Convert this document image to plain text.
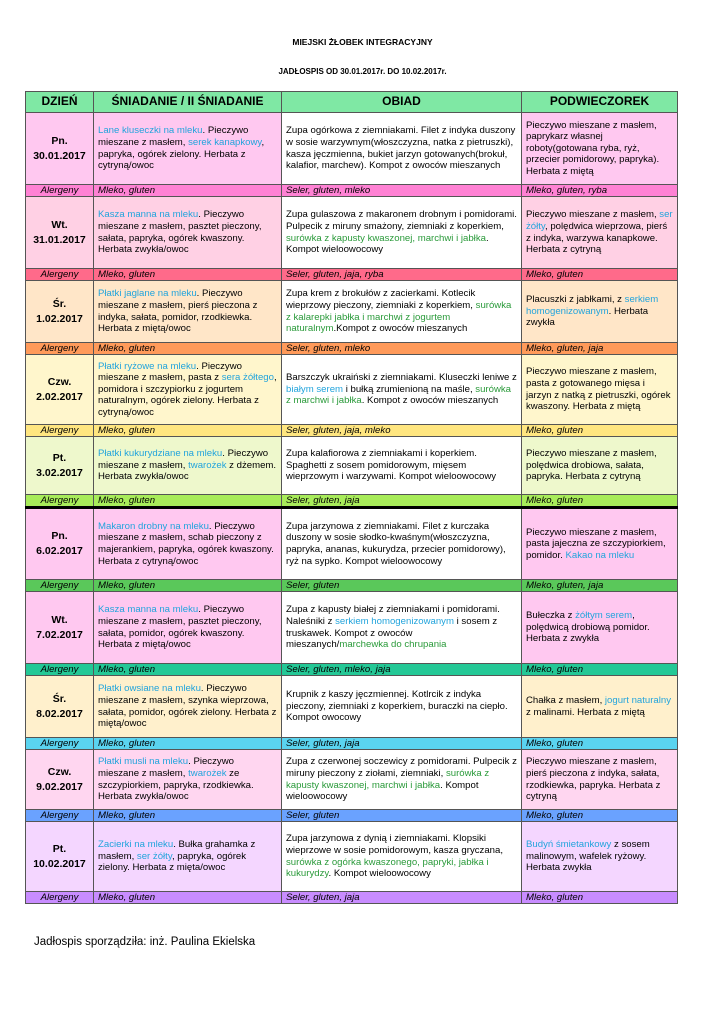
MIEJSKI ŻŁOBEK INTEGRACYJNY
JADŁOSPIS OD 30.01.2017r. DO 10.02.2017r.
DZIEŃ	ŚNIADANIE / II ŚNIADANIE	OBIAD	PODWIECZOREK

Pn.
30.01.2017	Lane kluseczki na mleku. Pieczywo mieszane z masłem, serek kanapkowy, papryka, ogórek zielony. Herbata z cytryną/owoc	Zupa ogórkowa z ziemniakami. Filet z indyka duszony w sosie warzywnym(włoszczyzna, natka z pietruszki), kasza jęczmienna, bukiet jarzyn gotowanych(brokuł, kalafior, marchew). Kompot z owoców mieszanych	Pieczywo mieszane z masłem, paprykarz własnej roboty(gotowana ryba, ryż, przecier pomidorowy, papryka). Herbata z miętą
Alergeny	Mleko, gluten	Seler, gluten, mleko	Mleko, gluten, ryba

Wt.
31.01.2017	Kasza manna na mleku. Pieczywo mieszane z masłem, pasztet pieczony, sałata, papryka, ogórek kwaszony. Herbata zwykła/owoc	Zupa gulaszowa z makaronem drobnym i pomidorami. Pulpecik z miruny smażony, ziemniaki z koperkiem, surówka z kapusty kwaszonej, marchwi i jabłka. Kompot wieloowocowy	Pieczywo mieszane z masłem, ser żółty, polędwica wieprzowa, pierś z indyka, warzywa kanapkowe. Herbata z cytryną
Alergeny	Mleko, gluten	Seler, gluten, jaja, ryba	Mleko, gluten

Śr.
1.02.2017	Płatki jaglane na mleku. Pieczywo mieszane z masłem, pierś pieczona z indyka, sałata, pomidor, rzodkiewka. Herbata z miętą/owoc	Zupa krem z brokułów z zacierkami. Kotlecik wieprzowy pieczony, ziemniaki z koperkiem, surówka z kalarepki jabłka i marchwi z jogurtem naturalnym.Kompot z owoców mieszanych	Placuszki z jabłkami, z serkiem homogenizowanym. Herbata zwykła
Alergeny	Mleko, gluten	Seler, gluten, mleko	Mleko, gluten, jaja

Czw.
2.02.2017	Płatki ryżowe na mleku. Pieczywo mieszane z masłem, pasta z sera żółtego, pomidora i szczypiorku z jogurtem naturalnym, ogórek zielony. Herbata z cytryną/owoc	Barszczyk ukraiński z ziemniakami. Kluseczki leniwe z białym serem i bułką zrumienioną na maśle, surówka z marchwi i jabłka. Kompot z owoców mieszanych	Pieczywo mieszane z masłem, pasta z gotowanego mięsa i jarzyn z natką z pietruszki, ogórek kwaszony. Herbata z miętą
Alergeny	Mleko, gluten	Seler, gluten, jaja, mleko	Mleko, gluten

Pt.
3.02.2017	Płatki kukurydziane na mleku. Pieczywo mieszane z masłem, twarożek z dżemem. Herbata zwykła/owoc	Zupa kalafiorowa z ziemniakami i koperkiem. Spaghetti z sosem pomidorowym, mięsem wieprzowym i warzywami. Kompot wieloowocowy	Pieczywo mieszane z masłem, polędwica drobiowa, sałata, papryka. Herbata z cytryną
Alergeny	Mleko, gluten	Seler, gluten, jaja	Mleko, gluten

Pn.
6.02.2017	Makaron drobny na mleku. Pieczywo mieszane z masłem, schab pieczony z majerankiem, papryka, ogórek kwaszony. Herbata z cytryną/owoc	Zupa jarzynowa z ziemniakami. Filet z kurczaka duszony w sosie słodko-kwaśnym(włoszczyzna, papryka, ananas, kukurydza, przecier pomidorowy), ryż na sypko. Kompot wieloowocowy	Pieczywo mieszane z masłem, pasta jajeczna ze szczypiorkiem, pomidor. Kakao na mleku
Alergeny	Mleko, gluten	Seler, gluten	Mleko, gluten, jaja

Wt.
7.02.2017	Kasza manna na mleku. Pieczywo mieszane z masłem, pasztet pieczony, sałata, pomidor, ogórek kwaszony. Herbata z miętą/owoc	Zupa z kapusty białej z ziemniakami i pomidorami. Naleśniki z serkiem homogenizowanym i sosem z truskawek. Kompot z owoców mieszanych/marchewka do chrupania	Bułeczka z żółtym serem, polędwicą drobiową pomidor. Herbata z zwykła
Alergeny	Mleko, gluten	Seler, gluten, mleko, jaja	Mleko, gluten

Śr.
8.02.2017	Płatki owsiane na mleku. Pieczywo mieszane z masłem, szynka wieprzowa, sałata, pomidor, ogórek zielony. Herbata z miętą/owoc	Krupnik z kaszy jęczmiennej. Kotlrcik z indyka pieczony, ziemniaki z koperkiem, buraczki na ciepło. Kompot owocowy	Chałka z masłem, jogurt naturalny z malinami. Herbata z miętą
Alergeny	Mleko, gluten	Seler, gluten, jaja	Mleko, gluten

Czw.
9.02.2017	Płatki musli na mleku. Pieczywo mieszane z masłem, twarożek ze szczypiorkiem, papryka, rzodkiewka. Herbata zwykła/owoc	Zupa z czerwonej soczewicy z pomidorami. Pulpecik z miruny pieczony z ziołami, ziemniaki, surówka z kapusty kwaszonej, marchwi i jabłka. Kompot wieloowocowy	Pieczywo mieszane z masłem, pierś pieczona z indyka, sałata, rzodkiewka, papryka. Herbata z cytryną
Alergeny	Mleko, gluten	Seler, gluten	Mleko, gluten

Pt.
10.02.2017	Zacierki na mleku. Bułka grahamka z masłem, ser żółty, papryka, ogórek zielony. Herbata z mięta/owoc	Zupa jarzynowa z dynią i ziemniakami. Klopsiki wieprzowe w sosie pomidorowym, kasza gryczana, surówka z ogórka kwaszonego, papryki, jabłka i kukurydzy. Kompot wieloowocowy	Budyń śmietankowy z sosem malinowym, wafelek ryżowy. Herbata zwykła
Alergeny	Mleko, gluten	Seler, gluten, jaja	Mleko, gluten
Jadłospis sporządziła: inż. Paulina Ekielska
